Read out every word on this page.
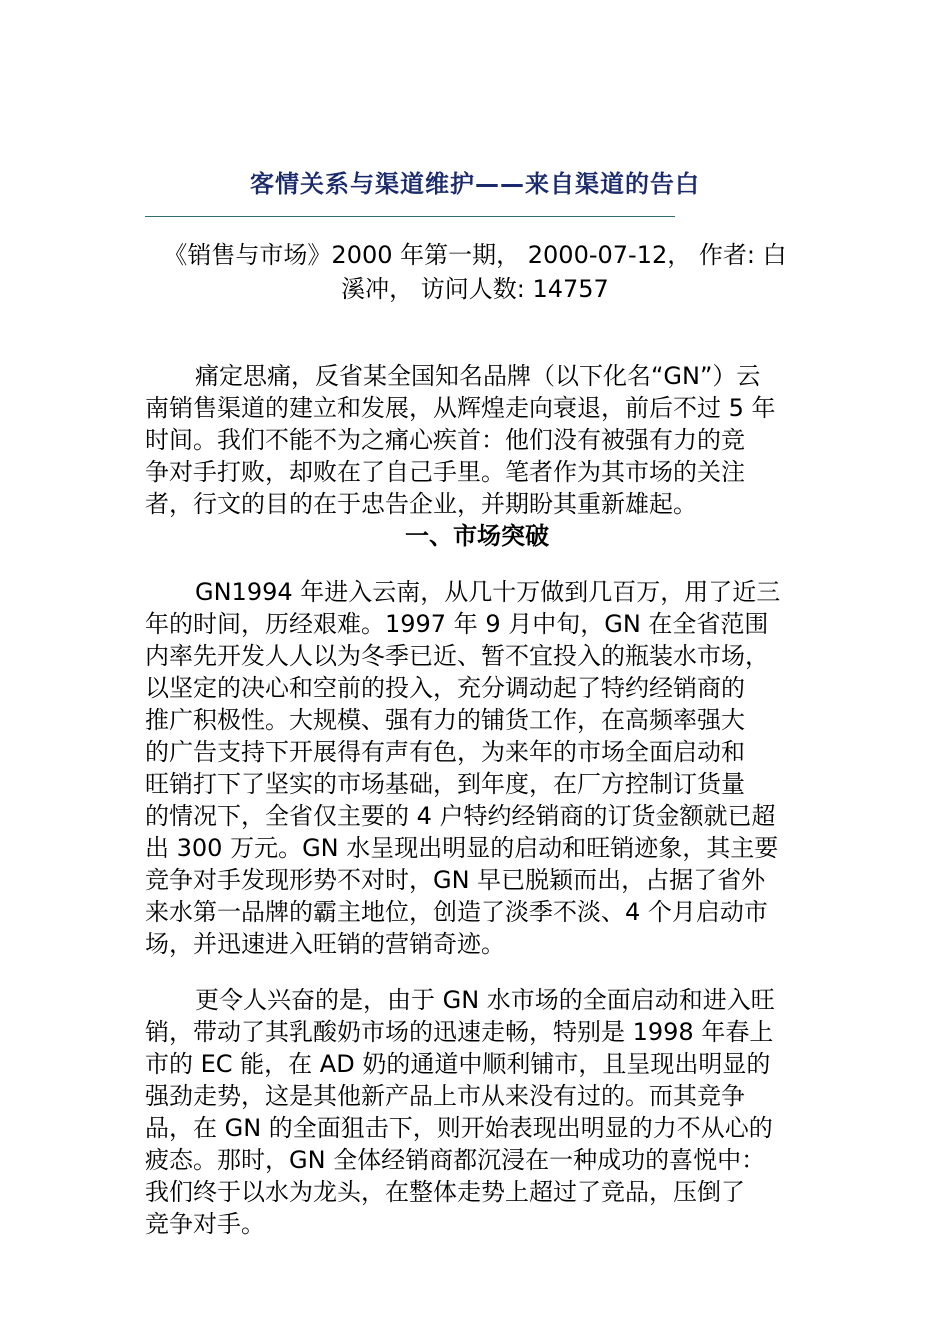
客情关系与渠道维护——来自渠道的告白
《销售与市场》2000 年第一期， 2000-07-12， 作者: 白
溪冲， 访问人数: 14757
痛定思痛，反省某全国知名品牌（以下化名“GN”）云
南销售渠道的建立和发展，从辉煌走向衰退，前后不过 5 年
时间。我们不能不为之痛心疾首：他们没有被强有力的竞
争对手打败，却败在了自己手里。笔者作为其市场的关注
者，行文的目的在于忠告企业，并期盼其重新雄起。
一、市场突破
GN1994 年进入云南，从几十万做到几百万，用了近三
年的时间，历经艰难。1997 年 9 月中旬，GN 在全省范围
内率先开发人人以为冬季已近、暂不宜投入的瓶装水市场，
以坚定的决心和空前的投入，充分调动起了特约经销商的
推广积极性。大规模、强有力的铺货工作，在高频率强大
的广告支持下开展得有声有色，为来年的市场全面启动和
旺销打下了坚实的市场基础，到年度，在厂方控制订货量
的情况下，全省仅主要的 4 户特约经销商的订货金额就已超
出 300 万元。GN 水呈现出明显的启动和旺销迹象，其主要
竞争对手发现形势不对时，GN 早已脱颖而出，占据了省外
来水第一品牌的霸主地位，创造了淡季不淡、4 个月启动市
场，并迅速进入旺销的营销奇迹。
更令人兴奋的是，由于 GN 水市场的全面启动和进入旺
销，带动了其乳酸奶市场的迅速走畅，特别是 1998 年春上
市的 EC 能，在 AD 奶的通道中顺利铺市，且呈现出明显的
强劲走势，这是其他新产品上市从来没有过的。而其竞争
品，在 GN 的全面狙击下，则开始表现出明显的力不从心的
疲态。那时，GN 全体经销商都沉浸在一种成功的喜悦中：
我们终于以水为龙头，在整体走势上超过了竞品，压倒了
竞争对手。
